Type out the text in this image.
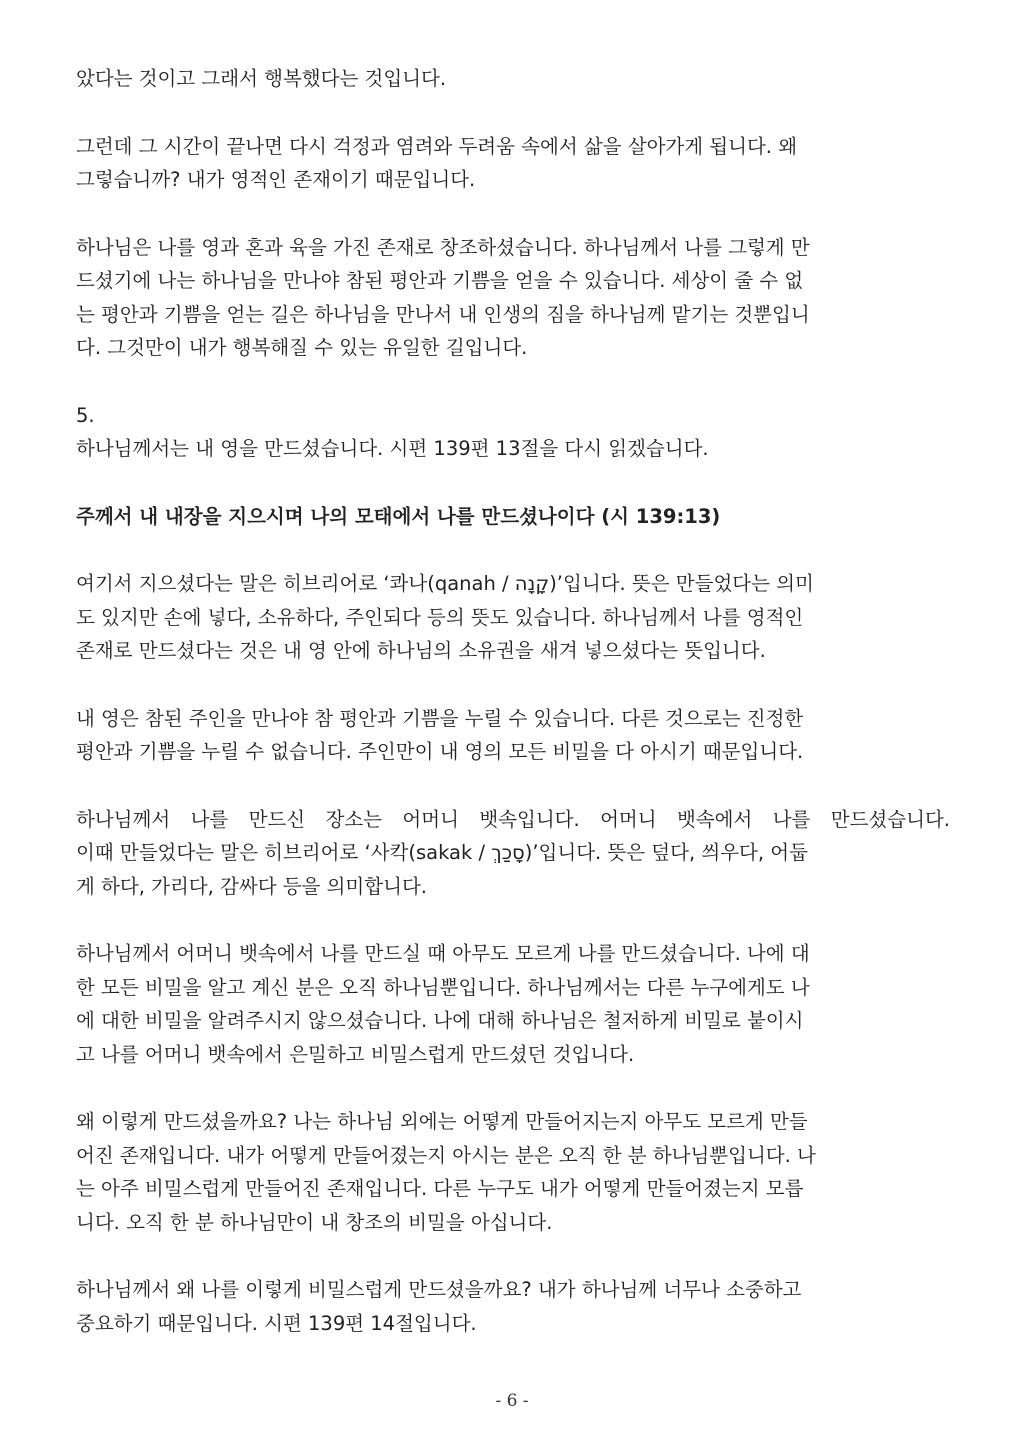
았다는 것이고 그래서 행복했다는 것입니다.

그런데 그 시간이 끝나면 다시 걱정과 염려와 두려움 속에서 삶을 살아가게 됩니다. 왜
그렇습니까? 내가 영적인 존재이기 때문입니다.

하나님은 나를 영과 혼과 육을 가진 존재로 창조하셨습니다. 하나님께서 나를 그렇게 만
드셨기에 나는 하나님을 만나야 참된 평안과 기쁨을 얻을 수 있습니다. 세상이 줄 수 없
는 평안과 기쁨을 얻는 길은 하나님을 만나서 내 인생의 짐을 하나님께 맡기는 것뿐입니
다. 그것만이 내가 행복해질 수 있는 유일한 길입니다.

5.
하나님께서는 내 영을 만드셨습니다. 시편 139편 13절을 다시 읽겠습니다.

주께서 내 내장을 지으시며 나의 모태에서 나를 만드셨나이다 (시 139:13)

여기서 지으셨다는 말은 히브리어로 ‘콰나(qanah / קָנָה)’입니다. 뜻은 만들었다는 의미
도 있지만 손에 넣다, 소유하다, 주인되다 등의 뜻도 있습니다. 하나님께서 나를 영적인
존재로 만드셨다는 것은 내 영 안에 하나님의 소유권을 새겨 넣으셨다는 뜻입니다.

내 영은 참된 주인을 만나야 참 평안과 기쁨을 누릴 수 있습니다. 다른 것으로는 진정한
평안과 기쁨을 누릴 수 없습니다. 주인만이 내 영의 모든 비밀을 다 아시기 때문입니다.

하나님께서 나를 만드신 장소는 어머니 뱃속입니다. 어머니 뱃속에서 나를 만드셨습니다.
이때 만들었다는 말은 히브리어로 ‘사칵(sakak / סָכַךְ)’입니다. 뜻은 덮다, 씌우다, 어둡
게 하다, 가리다, 감싸다 등을 의미합니다.

하나님께서 어머니 뱃속에서 나를 만드실 때 아무도 모르게 나를 만드셨습니다. 나에 대
한 모든 비밀을 알고 계신 분은 오직 하나님뿐입니다. 하나님께서는 다른 누구에게도 나
에 대한 비밀을 알려주시지 않으셨습니다. 나에 대해 하나님은 철저하게 비밀로 붙이시
고 나를 어머니 뱃속에서 은밀하고 비밀스럽게 만드셨던 것입니다.

왜 이렇게 만드셨을까요? 나는 하나님 외에는 어떻게 만들어지는지 아무도 모르게 만들
어진 존재입니다. 내가 어떻게 만들어졌는지 아시는 분은 오직 한 분 하나님뿐입니다. 나
는 아주 비밀스럽게 만들어진 존재입니다. 다른 누구도 내가 어떻게 만들어졌는지 모릅
니다. 오직 한 분 하나님만이 내 창조의 비밀을 아십니다.

하나님께서 왜 나를 이렇게 비밀스럽게 만드셨을까요? 내가 하나님께 너무나 소중하고
중요하기 때문입니다. 시편 139편 14절입니다.

- 6 -
